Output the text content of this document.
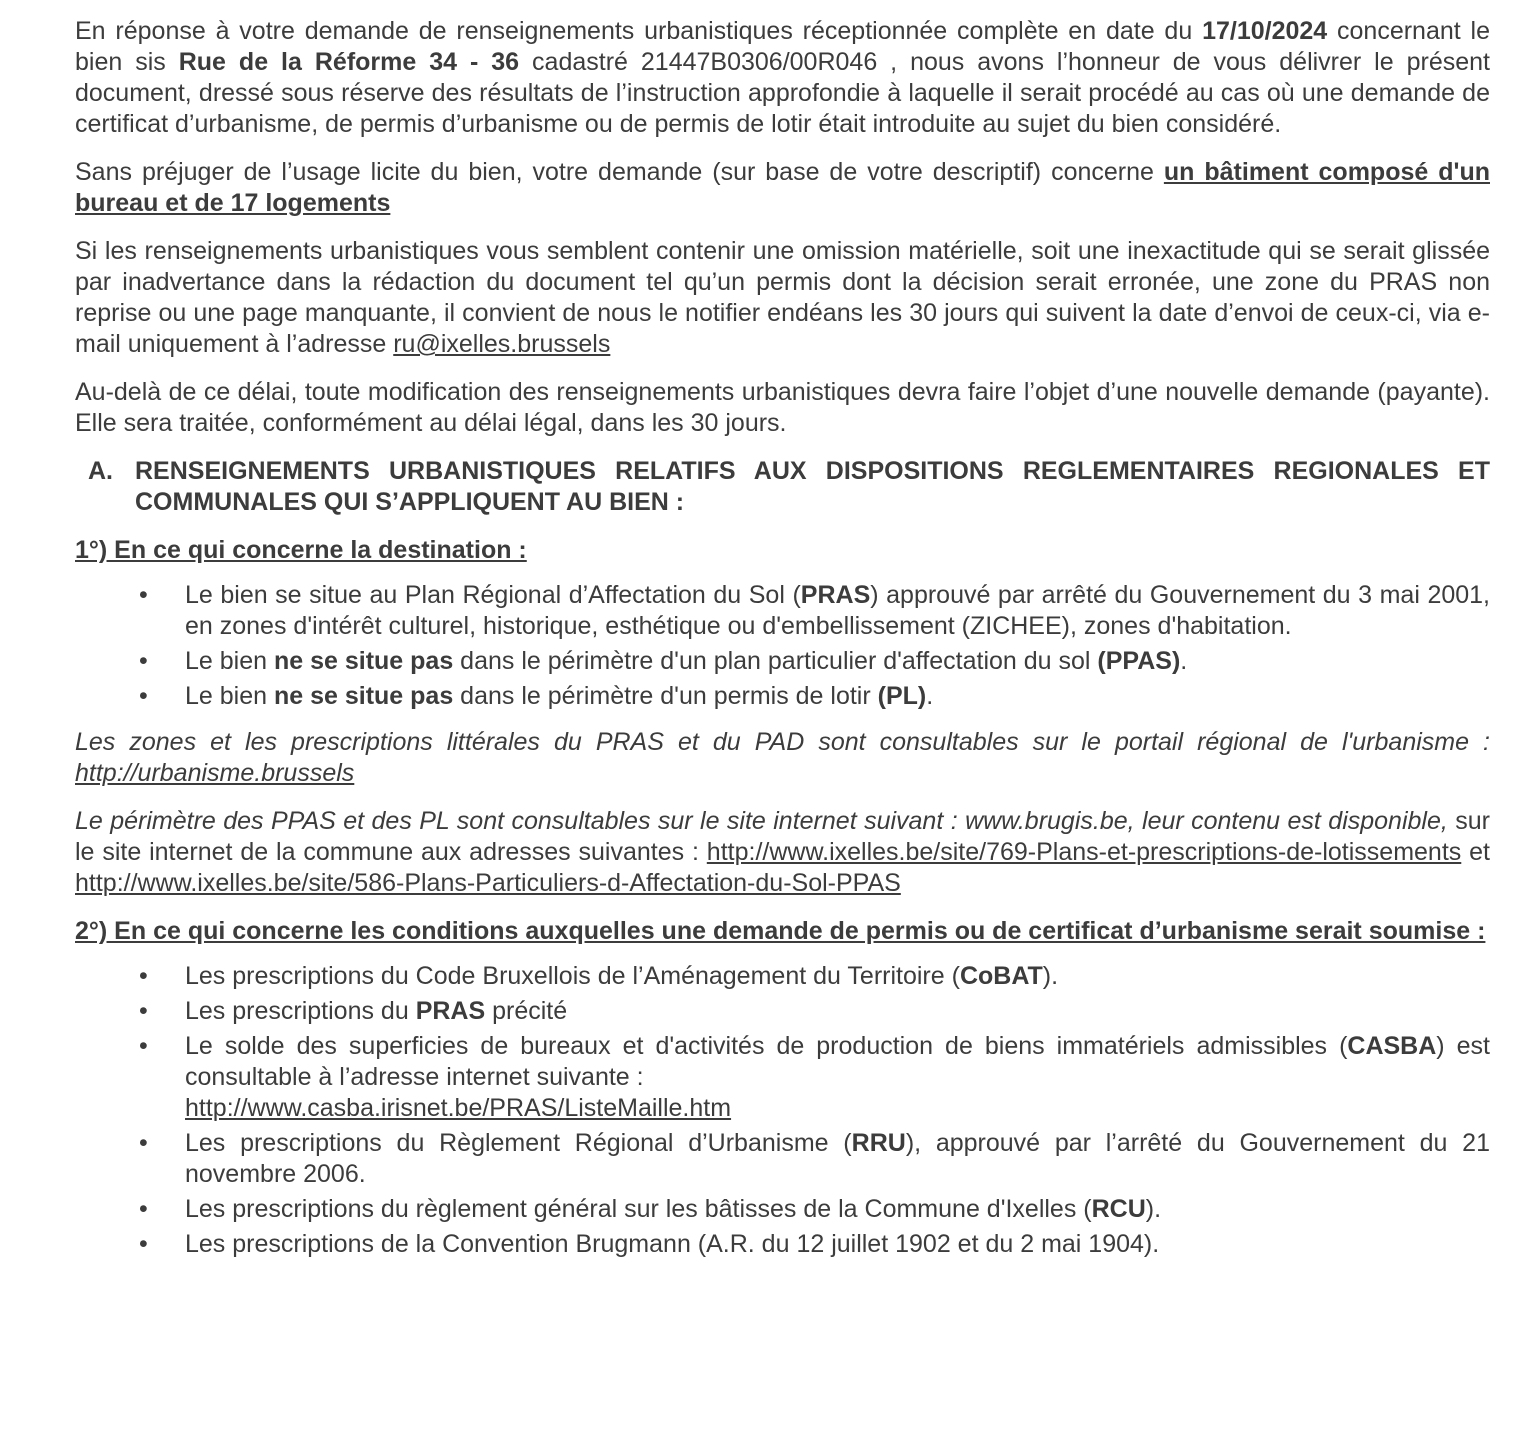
En réponse à votre demande de renseignements urbanistiques réceptionnée complète en date du 17/10/2024 concernant le bien sis Rue de la Réforme 34 - 36 cadastré 21447B0306/00R046 , nous avons l’honneur de vous délivrer le présent document, dressé sous réserve des résultats de l’instruction approfondie à laquelle il serait procédé au cas où une demande de certificat d’urbanisme, de permis d’urbanisme ou de permis de lotir était introduite au sujet du bien considéré.

Sans préjuger de l’usage licite du bien, votre demande (sur base de votre descriptif) concerne un bâtiment composé d'un bureau et de 17 logements

Si les renseignements urbanistiques vous semblent contenir une omission matérielle, soit une inexactitude qui se serait glissée par inadvertance dans la rédaction du document tel qu’un permis dont la décision serait erronée, une zone du PRAS non reprise ou une page manquante, il convient de nous le notifier endéans les 30 jours qui suivent la date d’envoi de ceux-ci, via e-mail uniquement à l’adresse ru@ixelles.brussels

Au-delà de ce délai, toute modification des renseignements urbanistiques devra faire l’objet d’une nouvelle demande (payante). Elle sera traitée, conformément au délai légal, dans les 30 jours.

A. RENSEIGNEMENTS URBANISTIQUES RELATIFS AUX DISPOSITIONS REGLEMENTAIRES REGIONALES ET COMMUNALES QUI S’APPLIQUENT AU BIEN :
1°) En ce qui concerne la destination :
• Le bien se situe au Plan Régional d’Affectation du Sol (PRAS) approuvé par arrêté du Gouvernement du 3 mai 2001, en zones d'intérêt culturel, historique, esthétique ou d'embellissement (ZICHEE), zones d'habitation.
• Le bien ne se situe pas dans le périmètre d'un plan particulier d'affectation du sol (PPAS).
• Le bien ne se situe pas dans le périmètre d'un permis de lotir (PL).

Les zones et les prescriptions littérales du PRAS et du PAD sont consultables sur le portail régional de l'urbanisme : http://urbanisme.brussels

Le périmètre des PPAS et des PL sont consultables sur le site internet suivant : www.brugis.be, leur contenu est disponible, sur le site internet de la commune aux adresses suivantes : http://www.ixelles.be/site/769-Plans-et-prescriptions-de-lotissements et http://www.ixelles.be/site/586-Plans-Particuliers-d-Affectation-du-Sol-PPAS

2°) En ce qui concerne les conditions auxquelles une demande de permis ou de certificat d’urbanisme serait soumise :
• Les prescriptions du Code Bruxellois de l’Aménagement du Territoire (CoBAT).
• Les prescriptions du PRAS précité
• Le solde des superficies de bureaux et d'activités de production de biens immatériels admissibles (CASBA) est consultable à l’adresse internet suivante :
http://www.casba.irisnet.be/PRAS/ListeMaille.htm
• Les prescriptions du Règlement Régional d’Urbanisme (RRU), approuvé par l’arrêté du Gouvernement du 21 novembre 2006.
• Les prescriptions du règlement général sur les bâtisses de la Commune d'Ixelles (RCU).
• Les prescriptions de la Convention Brugmann (A.R. du 12 juillet 1902 et du 2 mai 1904).
